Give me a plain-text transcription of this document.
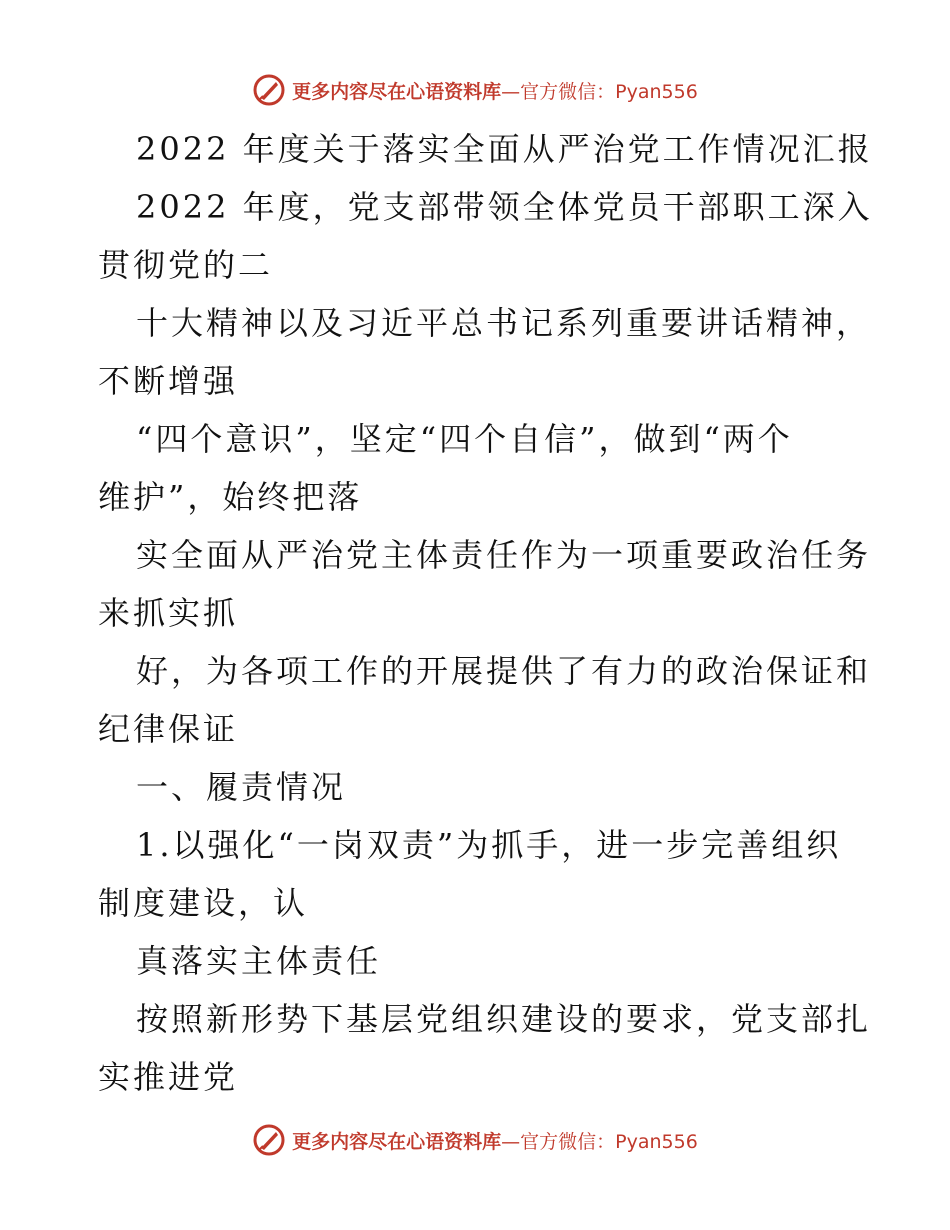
更多内容尽在心语资料库—官方微信：Pyan556
2022 年度关于落实全面从严治党工作情况汇报
2022 年度，党支部带领全体党员干部职工深入
贯彻党的二
十大精神以及习近平总书记系列重要讲话精神，
不断增强
“四个意识”，坚定“四个自信”，做到“两个
维护”，始终把落
实全面从严治党主体责任作为一项重要政治任务
来抓实抓
好，为各项工作的开展提供了有力的政治保证和
纪律保证
一、履责情况
1.以强化“一岗双责”为抓手，进一步完善组织
制度建设，认
真落实主体责任
按照新形势下基层党组织建设的要求，党支部扎
实推进党
更多内容尽在心语资料库—官方微信：Pyan556
